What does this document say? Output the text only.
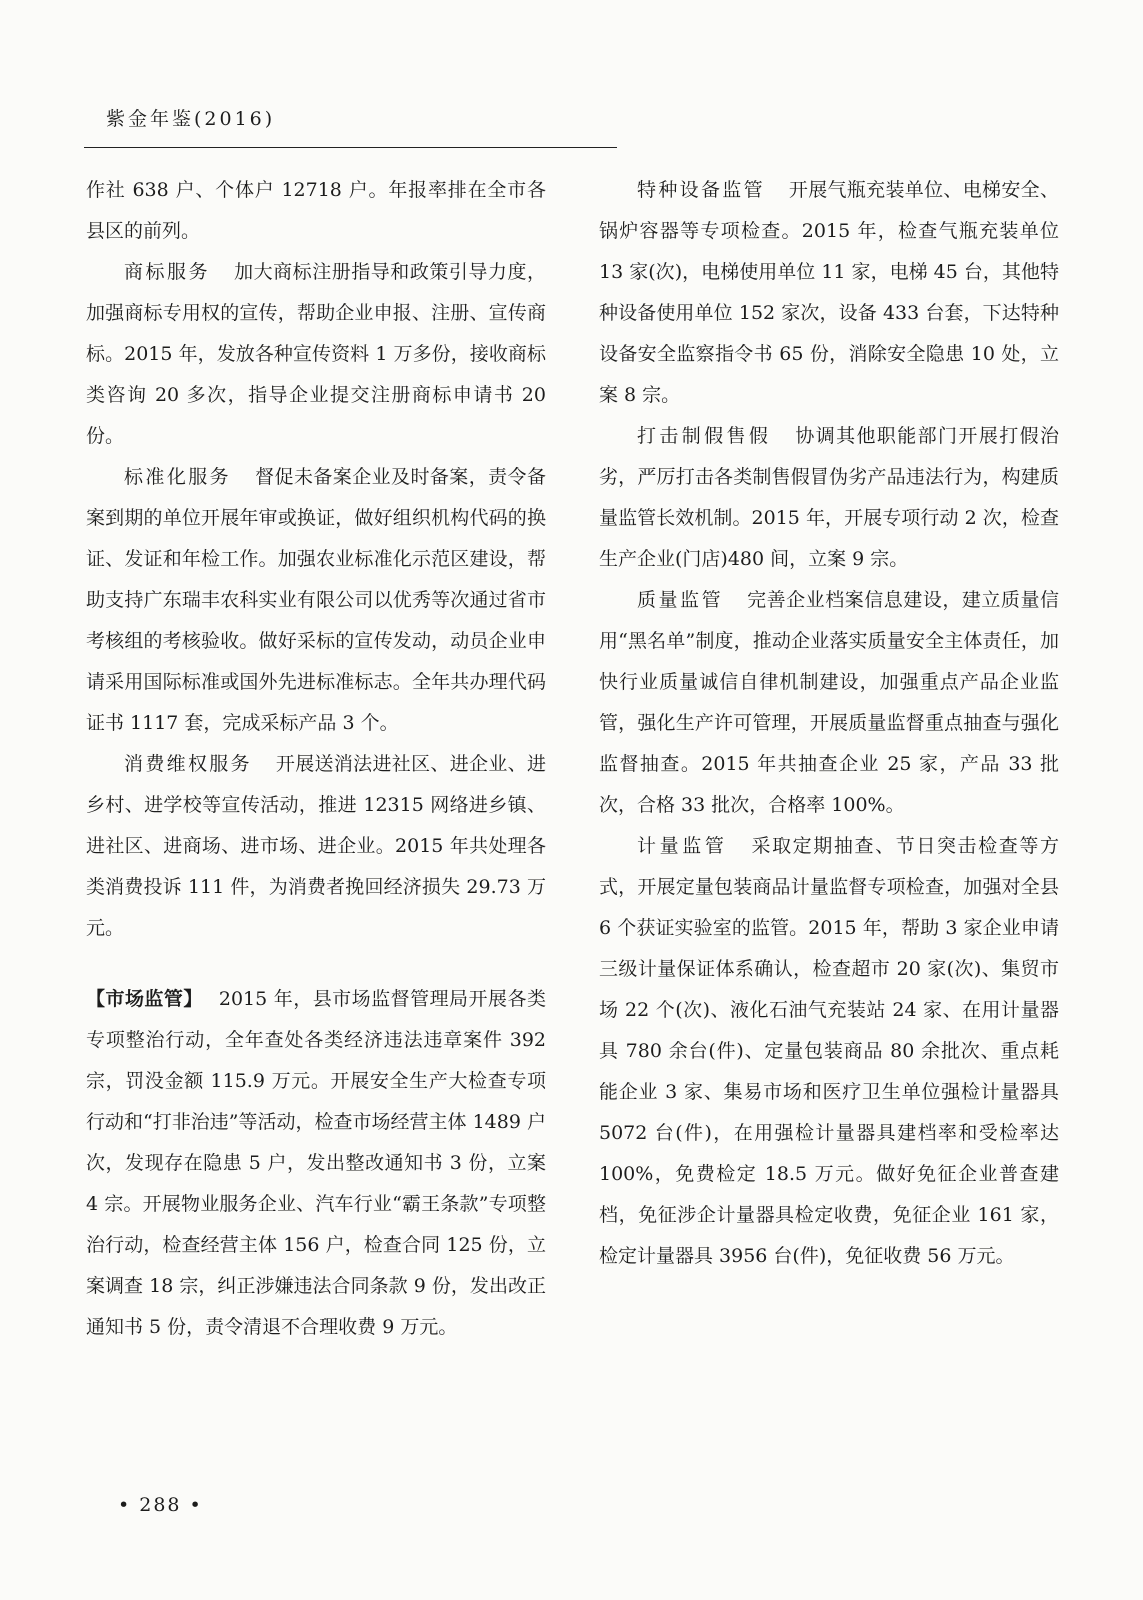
紫金年鉴(2016)

作社 638 户、个体户 12718 户。年报率排在全市各县区的前列。

商标服务 加大商标注册指导和政策引导力度，加强商标专用权的宣传，帮助企业申报、注册、宣传商标。2015 年，发放各种宣传资料 1 万多份，接收商标类咨询 20 多次，指导企业提交注册商标申请书 20 份。

标准化服务 督促未备案企业及时备案，责令备案到期的单位开展年审或换证，做好组织机构代码的换证、发证和年检工作。加强农业标准化示范区建设，帮助支持广东瑞丰农科实业有限公司以优秀等次通过省市考核组的考核验收。做好采标的宣传发动，动员企业申请采用国际标准或国外先进标准标志。全年共办理代码证书 1117 套，完成采标产品 3 个。

消费维权服务 开展送消法进社区、进企业、进乡村、进学校等宣传活动，推进 12315 网络进乡镇、进社区、进商场、进市场、进企业。2015 年共处理各类消费投诉 111 件，为消费者挽回经济损失 29.73 万元。

【市场监管】 2015 年，县市场监督管理局开展各类专项整治行动，全年查处各类经济违法违章案件 392 宗，罚没金额 115.9 万元。开展安全生产大检查专项行动和“打非治违”等活动，检查市场经营主体 1489 户次，发现存在隐患 5 户，发出整改通知书 3 份，立案 4 宗。开展物业服务企业、汽车行业“霸王条款”专项整治行动，检查经营主体 156 户，检查合同 125 份，立案调查 18 宗，纠正涉嫌违法合同条款 9 份，发出改正通知书 5 份，责令清退不合理收费 9 万元。

特种设备监管 开展气瓶充装单位、电梯安全、锅炉容器等专项检查。2015 年，检查气瓶充装单位 13 家(次)，电梯使用单位 11 家，电梯 45 台，其他特种设备使用单位 152 家次，设备 433 台套，下达特种设备安全监察指令书 65 份，消除安全隐患 10 处，立案 8 宗。

打击制假售假 协调其他职能部门开展打假治劣，严厉打击各类制售假冒伪劣产品违法行为，构建质量监管长效机制。2015 年，开展专项行动 2 次，检查生产企业(门店)480 间，立案 9 宗。

质量监管 完善企业档案信息建设，建立质量信用“黑名单”制度，推动企业落实质量安全主体责任，加快行业质量诚信自律机制建设，加强重点产品企业监管，强化生产许可管理，开展质量监督重点抽查与强化监督抽查。2015 年共抽查企业 25 家，产品 33 批次，合格 33 批次，合格率 100%。

计量监管 采取定期抽查、节日突击检查等方式，开展定量包装商品计量监督专项检查，加强对全县 6 个获证实验室的监管。2015 年，帮助 3 家企业申请三级计量保证体系确认，检查超市 20 家(次)、集贸市场 22 个(次)、液化石油气充装站 24 家、在用计量器具 780 余台(件)、定量包装商品 80 余批次、重点耗能企业 3 家、集易市场和医疗卫生单位强检计量器具 5072 台(件)，在用强检计量器具建档率和受检率达 100%，免费检定 18.5 万元。做好免征企业普查建档，免征涉企计量器具检定收费，免征企业 161 家，检定计量器具 3956 台(件)，免征收费 56 万元。

• 288 •
